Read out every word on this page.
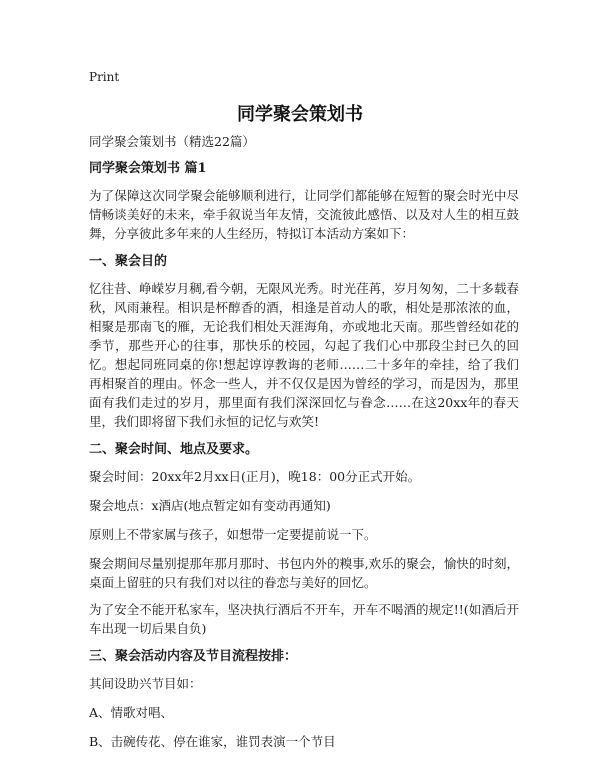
Print
同学聚会策划书
同学聚会策划书（精选22篇）
同学聚会策划书 篇1
为了保障这次同学聚会能够顺利进行，让同学们都能够在短暂的聚会时光中尽情畅谈美好的未来，牵手叙说当年友情，交流彼此感悟、以及对人生的相互鼓舞，分享彼此多年来的人生经历，特拟订本活动方案如下：
一、聚会目的
忆往昔、峥嵘岁月稠,看今朝，无限风光秀。时光荏苒，岁月匆匆，二十多载春秋，风雨兼程。相识是杯醇香的酒，相逢是首动人的歌，相处是那浓浓的血，相聚是那南飞的雁，无论我们相处天涯海角，亦或地北天南。那些曾经如花的季节，那些开心的往事，那快乐的校园，勾起了我们心中那段尘封已久的回忆。想起同班同桌的你!想起谆谆教诲的老师……二十多年的牵挂，给了我们再相聚首的理由。怀念一些人，并不仅仅是因为曾经的学习，而是因为，那里面有我们走过的岁月，那里面有我们深深回忆与眷念……在这20xx年的春天里，我们即将留下我们永恒的记忆与欢笑!
二、聚会时间、地点及要求。
聚会时间：20xx年2月xx日(正月)，晚18：00分正式开始。
聚会地点：x酒店(地点暂定如有变动再通知)
原则上不带家属与孩子，如想带一定要提前说一下。
聚会期间尽量别提那年那月那时、书包内外的糗事,欢乐的聚会，愉快的时刻，桌面上留驻的只有我们对以往的眷恋与美好的回忆。
为了安全不能开私家车，坚决执行酒后不开车，开车不喝酒的规定!!(如酒后开车出现一切后果自负)
三、聚会活动内容及节目流程按排：
其间设助兴节目如：
A、情歌对唱、
B、击碗传花、停在谁家，谁罚表演一个节目
